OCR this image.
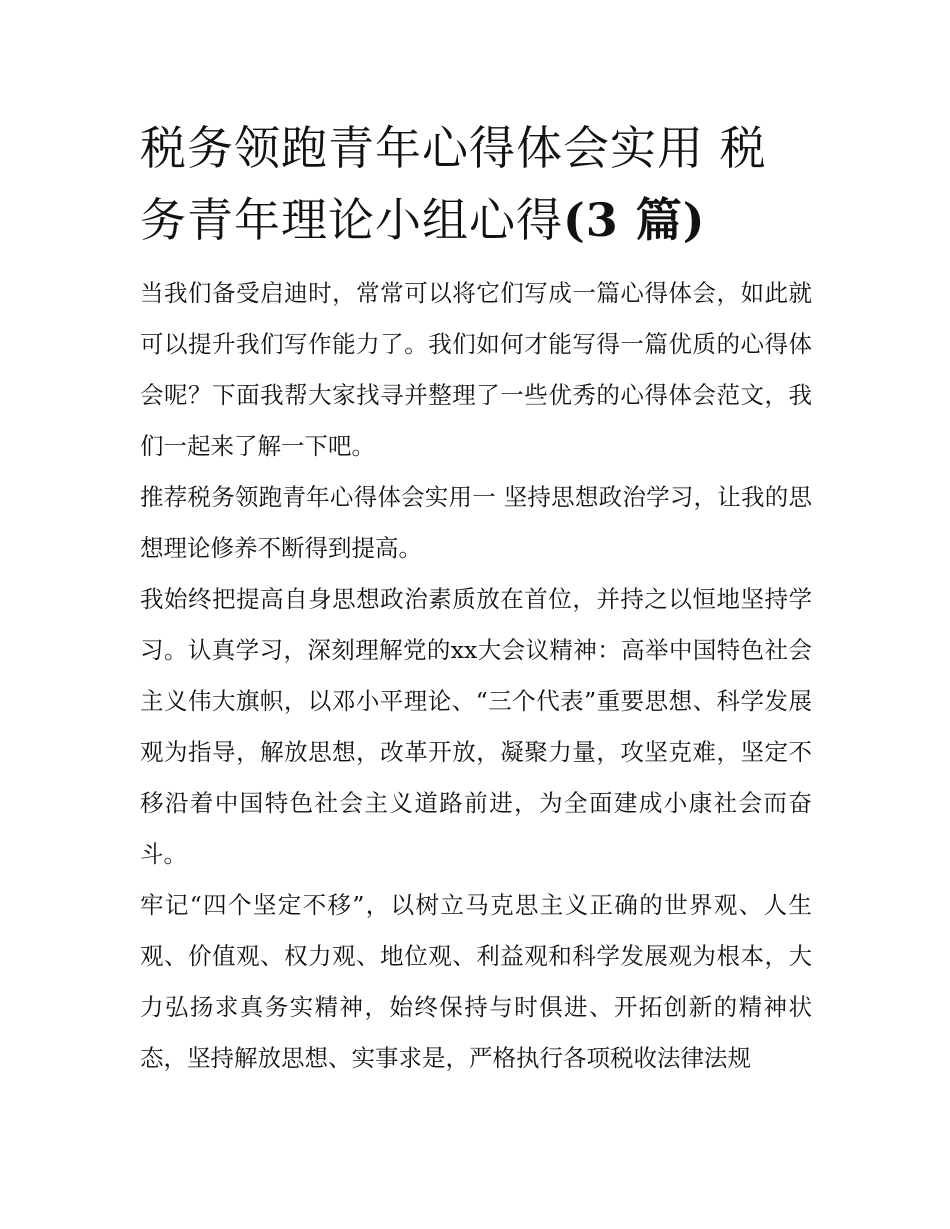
税务领跑青年心得体会实用 税务青年理论小组心得(3 篇)

当我们备受启迪时，常常可以将它们写成一篇心得体会，如此就可以提升我们写作能力了。我们如何才能写得一篇优质的心得体会呢？下面我帮大家找寻并整理了一些优秀的心得体会范文，我们一起来了解一下吧。

推荐税务领跑青年心得体会实用一 坚持思想政治学习，让我的思想理论修养不断得到提高。

我始终把提高自身思想政治素质放在首位，并持之以恒地坚持学习。认真学习，深刻理解党的xx大会议精神：高举中国特色社会主义伟大旗帜，以邓小平理论、“三个代表”重要思想、科学发展观为指导，解放思想，改革开放，凝聚力量，攻坚克难，坚定不移沿着中国特色社会主义道路前进，为全面建成小康社会而奋斗。

牢记“四个坚定不移”，以树立马克思主义正确的世界观、人生观、价值观、权力观、地位观、利益观和科学发展观为根本，大力弘扬求真务实精神，始终保持与时俱进、开拓创新的精神状态，坚持解放思想、实事求是，严格执行各项税收法律法规
